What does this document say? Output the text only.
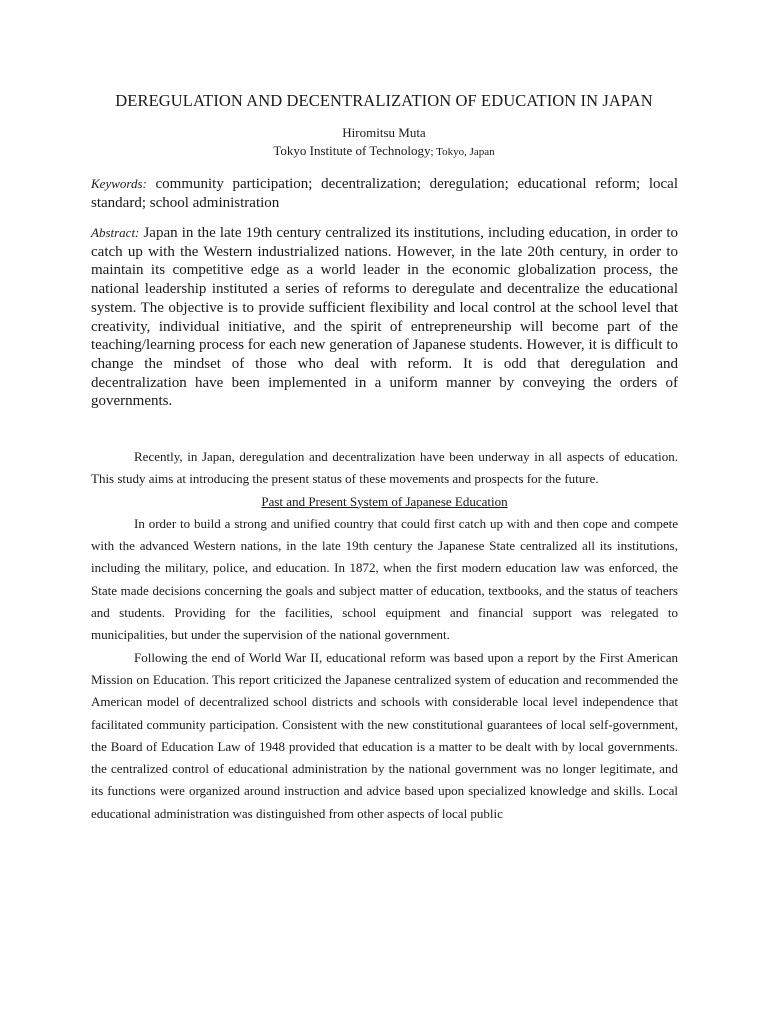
DEREGULATION AND DECENTRALIZATION OF EDUCATION IN JAPAN
Hiromitsu Muta
Tokyo Institute of Technology; Tokyo, Japan

Keywords: community participation; decentralization; deregulation; educational reform; local standard; school administration

Abstract: Japan in the late 19th century centralized its institutions, including education, in order to catch up with the Western industrialized nations. However, in the late 20th century, in order to maintain its competitive edge as a world leader in the economic globalization process, the national leadership instituted a series of reforms to deregulate and decentralize the educational system. The objective is to provide sufficient flexibility and local control at the school level that creativity, individual initiative, and the spirit of entrepreneurship will become part of the teaching/learning process for each new generation of Japanese students. However, it is difficult to change the mindset of those who deal with reform. It is odd that deregulation and decentralization have been implemented in a uniform manner by conveying the orders of governments.

Recently, in Japan, deregulation and decentralization have been underway in all aspects of education. This study aims at introducing the present status of these movements and prospects for the future.

Past and Present System of Japanese Education

In order to build a strong and unified country that could first catch up with and then cope and compete with the advanced Western nations, in the late 19th century the Japanese State centralized all its institutions, including the military, police, and education. In 1872, when the first modern education law was enforced, the State made decisions concerning the goals and subject matter of education, textbooks, and the status of teachers and students. Providing for the facilities, school equipment and financial support was relegated to municipalities, but under the supervision of the national government.

Following the end of World War II, educational reform was based upon a report by the First American Mission on Education. This report criticized the Japanese centralized system of education and recommended the American model of decentralized school districts and schools with considerable local level independence that facilitated community participation. Consistent with the new constitutional guarantees of local self-government, the Board of Education Law of 1948 provided that education is a matter to be dealt with by local governments. the centralized control of educational administration by the national government was no longer legitimate, and its functions were organized around instruction and advice based upon specialized knowledge and skills. Local educational administration was distinguished from other aspects of local public
